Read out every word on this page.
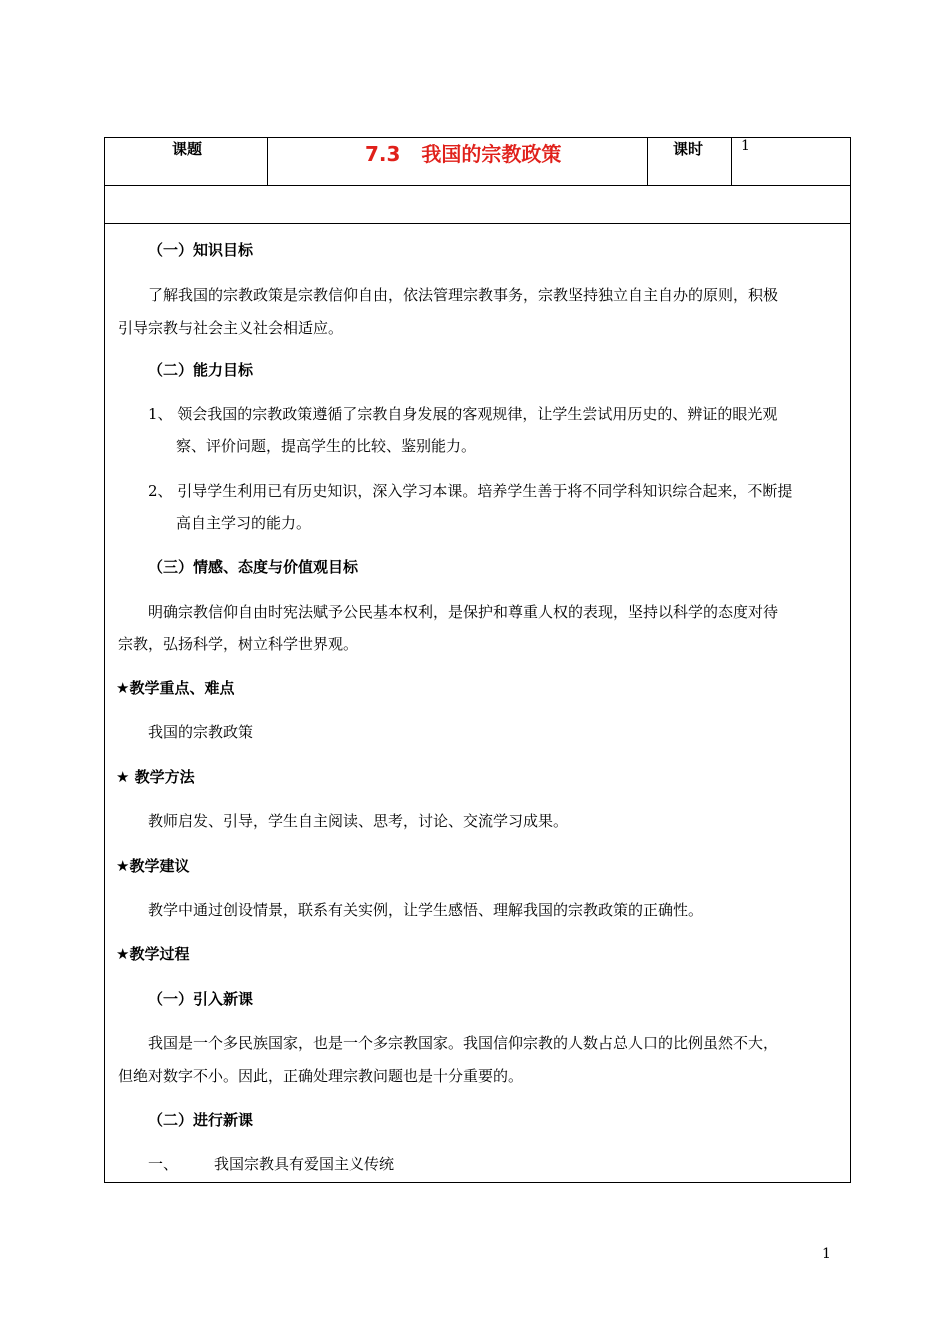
课题	7.3   我国的宗教政策	课时	1
（一）知识目标
了解我国的宗教政策是宗教信仰自由，依法管理宗教事务，宗教坚持独立自主自办的原则，积极
引导宗教与社会主义社会相适应。
（二）能力目标
1、 领会我国的宗教政策遵循了宗教自身发展的客观规律，让学生尝试用历史的、辨证的眼光观
察、评价问题，提高学生的比较、鉴别能力。
2、 引导学生利用已有历史知识，深入学习本课。培养学生善于将不同学科知识综合起来，不断提
高自主学习的能力。
（三）情感、态度与价值观目标
明确宗教信仰自由时宪法赋予公民基本权利，是保护和尊重人权的表现，坚持以科学的态度对待
宗教，弘扬科学，树立科学世界观。
★教学重点、难点
我国的宗教政策
★ 教学方法
教师启发、引导，学生自主阅读、思考，讨论、交流学习成果。
★教学建议
教学中通过创设情景，联系有关实例，让学生感悟、理解我国的宗教政策的正确性。
★教学过程
（一）引入新课
我国是一个多民族国家，也是一个多宗教国家。我国信仰宗教的人数占总人口的比例虽然不大，
但绝对数字不小。因此，正确处理宗教问题也是十分重要的。
（二）进行新课
一、 我国宗教具有爱国主义传统
1
